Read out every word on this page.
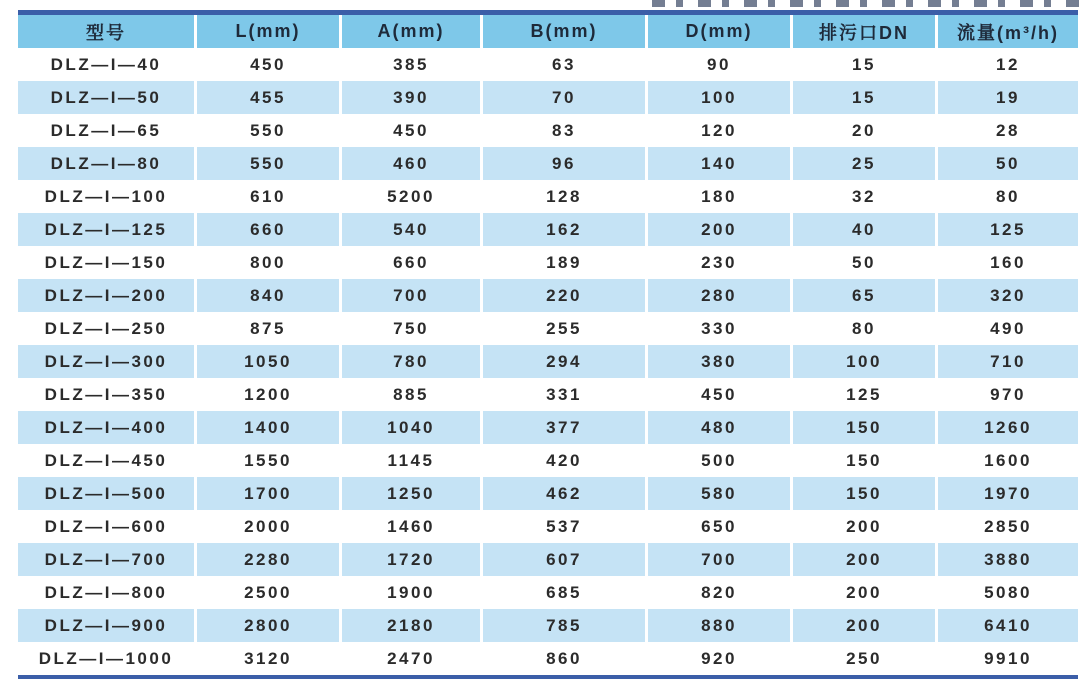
型号	L(mm)	A(mm)	B(mm)	D(mm)	排污口DN	流量(m³/h)
DLZ—I—40	450	385	63	90	15	12
DLZ—I—50	455	390	70	100	15	19
DLZ—I—65	550	450	83	120	20	28
DLZ—I—80	550	460	96	140	25	50
DLZ—I—100	610	5200	128	180	32	80
DLZ—I—125	660	540	162	200	40	125
DLZ—I—150	800	660	189	230	50	160
DLZ—I—200	840	700	220	280	65	320
DLZ—I—250	875	750	255	330	80	490
DLZ—I—300	1050	780	294	380	100	710
DLZ—I—350	1200	885	331	450	125	970
DLZ—I—400	1400	1040	377	480	150	1260
DLZ—I—450	1550	1145	420	500	150	1600
DLZ—I—500	1700	1250	462	580	150	1970
DLZ—I—600	2000	1460	537	650	200	2850
DLZ—I—700	2280	1720	607	700	200	3880
DLZ—I—800	2500	1900	685	820	200	5080
DLZ—I—900	2800	2180	785	880	200	6410
DLZ—I—1000	3120	2470	860	920	250	9910
